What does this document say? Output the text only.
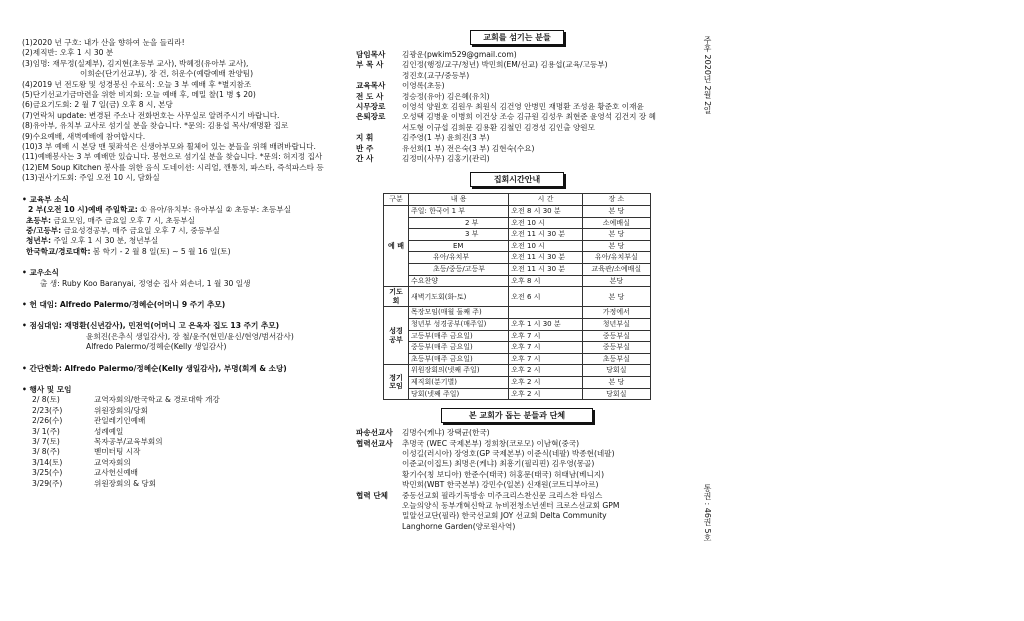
(1)2020 년 구호: 내가 산을 향하여 눈을 들리라!
(2)제직반: 오후 1 시 30 분
(3)임명: 재무정(실제부), 김지현(초등부 교사), 박혜정(유아부 교사),
이희순(단기선교부), 장 건, 허운수(예람예배 찬양팀)
(4)2019 년 전도왕 및 성경봉신 수료식: 오늘 3 부 예배 후 *별지참조
(5)단기선교기금마련을 위한 비지회: 오늘 예배 후, 메밀 찰(1 병 $ 20)
(6)금요기도회: 2 월 7 일(금) 오후 8 시, 본당
(7)연락처 update: 변경된 주소나 전화번호는 사무실로 알려주시기 바랍니다.
(8)유아부, 유치부 교사로 섬기실 분을 찾습니다. *문의: 김용섭 목사/재명환 집로
(9)수요예배, 새벽예배에 참여합시다.
(10)3 부 예배 시 본당 맨 뒷좌석은 신생아부모와 휠체어 있는 분들을 위해 배려바랍니다.
(11)예배봉사는 3 부 예배만 있습니다. 봉헌으로 섬기실 분을 찾습니다. *문의: 허지정 집사
(12)EM Soup Kitchen 봉사를 위한 음식 도네이션: 시리얼, 깬통치, 파스타, 즉석파스타 등
(13)권사기도회: 주일 오전 10 시, 담화실
• 교육부 소식
2 부(오전 10 시)예배 주일학교: ① 유아/유치부: 유아부실 ② 초등부: 초등부실
초등부: 금요모임, 매주 금요일 오후 7 시, 초등부실
중/고등부: 금요성경공부, 매주 금요일 오후 7 시, 중등부실
청년부: 주일 오후 1 시 30 분, 청년부실
한국학교/경로대학: 봄 학기 - 2 월 8 일(토) ~ 5 월 16 일(토)
• 교우소식
출 생: Ruby Koo Baranyai, 정영순 집사 외손녀, 1 월 30 일생
• 헌 대임: Alfredo Palermo/정혜순(어머니 9 주기 추모)
• 점심대임: 재명환(신년감사), 민전억(어머니 고 은옥자 집도 13 주기 추모)
윤희진(은추식 생일감사), 장 철/윤주(현민/윤신/현영/범서감사)
Alfredo Palermo/정혜순(Kelly 생일감사)
• 간단현화: Alfredo Palermo/정혜순(Kelly 생일감사), 부명(회계 & 소당)
• 행사 및 모임
2/ 8(토)	교역자회의/한국학교 & 경로대학 개강
2/23(주)	위원장회의/당회
2/26(수)	관일레기인예배
3/ 1(주)	성례예일
3/ 7(토)	목자공부/교육부회의
3/ 8(주)	벧미터팅 시작
3/14(토)	교역자회의
3/25(수)	교사헌신예배
3/29(주)	위원장회의 & 당회
교회를 섬기는 분들
담임목사	김광운(pwkim529@gmail.com)
부 목 사	김인정(행정/교구/청년) 박민희(EM/선교) 김용섭(교육/고등부)
정진호(교구/중등부)
교육목사	이영록(초등)
전 도 사	정승정(유아) 김은혜(유치)
시무장로	이영석 양원호 김원우 최원식 김건영 안병민 재명환 조성윤 황준호 이재윤
은퇴장로	오성택 김병윤 이병희 이건상 조승 김규원 김성우 최현준 윤영석 김건지 장 혜
서도형 이규섭 김희문 김용환 김철민 김경성 김인출 양원모
지 휘	김주영(1 부) 윤희진(3 부)
반 주	유선희(1 부) 전은숙(3 부) 김현숙(수요)
간 사	김정미(사무) 김홍기(관리)
집회시간안내
구분	내 용	시 간	장 소
예 배	주일: 한국어 1 부	오전 8 시 30 분	본 당
	2 부	오전 10 시	소예배실
	3 부	오전 11 시 30 분	본 당
	EM	오전 10 시	본 당
	유아/유치부	오전 11 시 30 분	유아/유치부실
	초등/중등/고등부	오전 11 시 30 분	교육관/소예배실
	수요찬양	오후 8 시	본당
기도회	새벽기도회(화-토)	오전 6 시	본 당
성경공부	목장모임(매월 둘째 주)		가정에서
	청년부 성경공부(매주일)	오후 1 시 30 분	청년부실
	고등부(매주 금요일)	오후 7 시	중등부실
	중등부(매주 금요일)	오후 7 시	중등부실
	초등부(매주 금요일)	오후 7 시	초등부실
정기모임	위원장회의(넷째 주일)	오후 2 시	당회실
	제직회(분기별)	오후 2 시	본 당
	당회(넷째 주일)	오후 2 시	당회실
본 교회가 돕는 분들과 단체
파송선교사	김명수(케냐) 장택균(한국)
협력선교사	추명국 (WEC 국제본부) 정희창(코로모) 이남혁(중국)
이성길(러시아) 장영호(GP 국제본부) 이준식(네팔) 박종현(네팔)
이준교(이집트) 최명은(케냐) 최흥기(필리핀) 김우영(몽골)
황기수(칭 보디아) 한준수(태국) 허홍문(태국) 허태남(베니지)
박민희(WBT 한국본부) 강민수(일본) 신재원(코트디부아르)
협력 단체	중동선교회 필라기독방송 미주크리스찬신문 크리스찬 타임스
오늘의양식 동부개혁신학교 뉴비전청소년센터 크로스선교회 GPM
밀알선교단(필라) 한국선교회 JOY 선교회 Delta Community
Langhorne Garden(양로원사역)
주후 2020년 2월 2일
통권 : 46권 5호
